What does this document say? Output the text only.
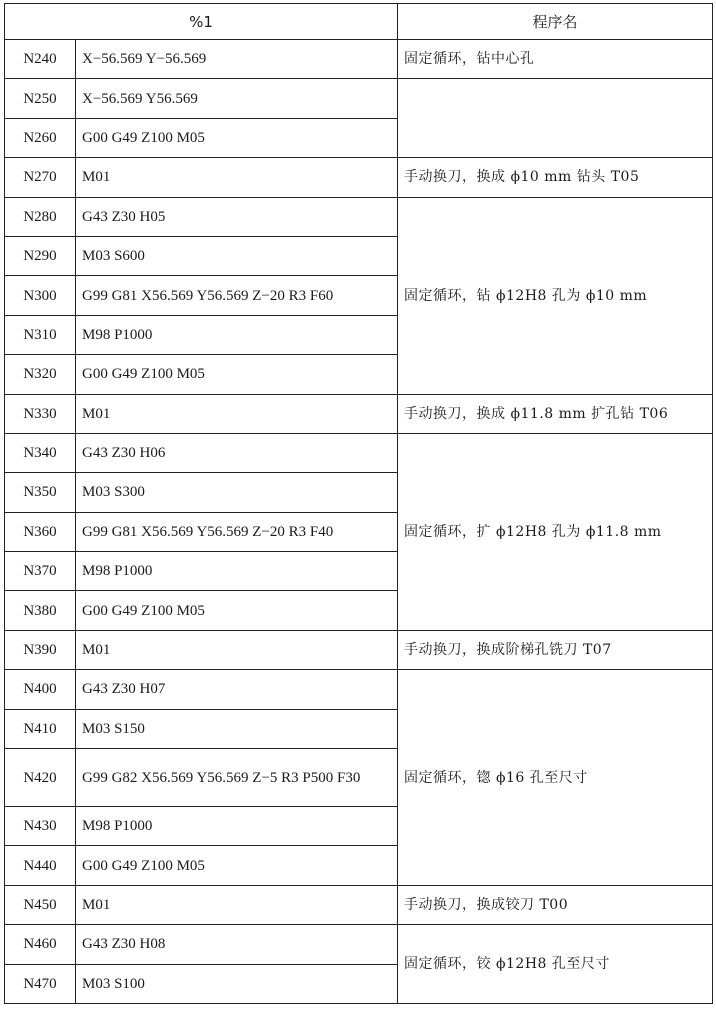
%1		程序名
N240	X−56.569 Y−56.569	固定循环，钻中心孔
N250	X−56.569 Y56.569	
N260	G00 G49 Z100 M05	
N270	M01	手动换刀，换成 ϕ10 mm 钻头 T05
N280	G43 Z30 H05	固定循环，钻 ϕ12H8 孔为 ϕ10 mm
N290	M03 S600	
N300	G99 G81 X56.569 Y56.569 Z−20 R3 F60	
N310	M98 P1000	
N320	G00 G49 Z100 M05	
N330	M01	手动换刀，换成 ϕ11.8 mm 扩孔钻 T06
N340	G43 Z30 H06	固定循环，扩 ϕ12H8 孔为 ϕ11.8 mm
N350	M03 S300	
N360	G99 G81 X56.569 Y56.569 Z−20 R3 F40	
N370	M98 P1000	
N380	G00 G49 Z100 M05	
N390	M01	手动换刀，换成阶梯孔铣刀 T07
N400	G43 Z30 H07	固定循环，锪 ϕ16 孔至尺寸
N410	M03 S150	
N420	G99 G82 X56.569 Y56.569 Z−5 R3 P500 F30	
N430	M98 P1000	
N440	G00 G49 Z100 M05	
N450	M01	手动换刀，换成铰刀 T00
N460	G43 Z30 H08	固定循环，铰 ϕ12H8 孔至尺寸
N470	M03 S100	
